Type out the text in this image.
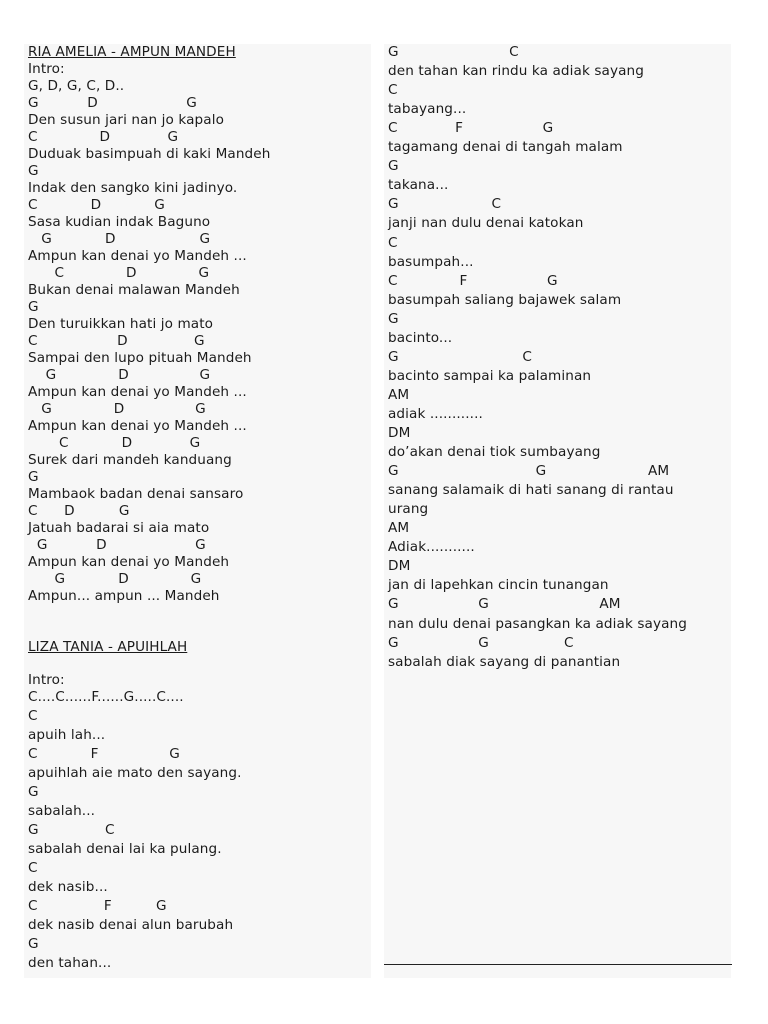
RIA AMELIA - AMPUN MANDEH
Intro:
G, D, G, C, D..
G           D                    G
Den susun jari nan jo kapalo
C              D             G
Duduak basimpuah di kaki Mandeh
G
Indak den sangko kini jadinyo.
C            D            G
Sasa kudian indak Baguno
G            D                   G
Ampun kan denai yo Mandeh ...
C              D              G
Bukan denai malawan Mandeh
G
Den turuikkan hati jo mato
C                  D               G
Sampai den lupo pituah Mandeh
G              D                G
Ampun kan denai yo Mandeh ...
G              D                G
Ampun kan denai yo Mandeh ...
C            D             G
Surek dari mandeh kanduang
G
Mambaok badan denai sansaro
C      D          G
Jatuah badarai si aia mato
G           D                    G
Ampun kan denai yo Mandeh
G            D              G
Ampun... ampun ... Mandeh
LIZA TANIA - APUIHLAH
Intro:
C....C......F......G.....C....
C
apuih lah...
C            F                G
apuihlah aie mato den sayang.
G
sabalah...
G               C
sabalah denai lai ka pulang.
C
dek nasib...
C               F          G
dek nasib denai alun barubah
G
den tahan...
G                         C
den tahan kan rindu ka adiak sayang
C
tabayang...
C             F                  G
tagamang denai di tangah malam
G
takana...
G                     C
janji nan dulu denai katokan
C
basumpah...
C              F                  G
basumpah saliang bajawek salam
G
bacinto...
G                            C
bacinto sampai ka palaminan
AM
adiak ............
DM
do’akan denai tiok sumbayang
G                               G                       AM
sanang salamaik di hati sanang di rantau
urang
AM
Adiak...........
DM
jan di lapehkan cincin tunangan
G                  G                         AM
nan dulu denai pasangkan ka adiak sayang
G                  G                 C
sabalah diak sayang di panantian
